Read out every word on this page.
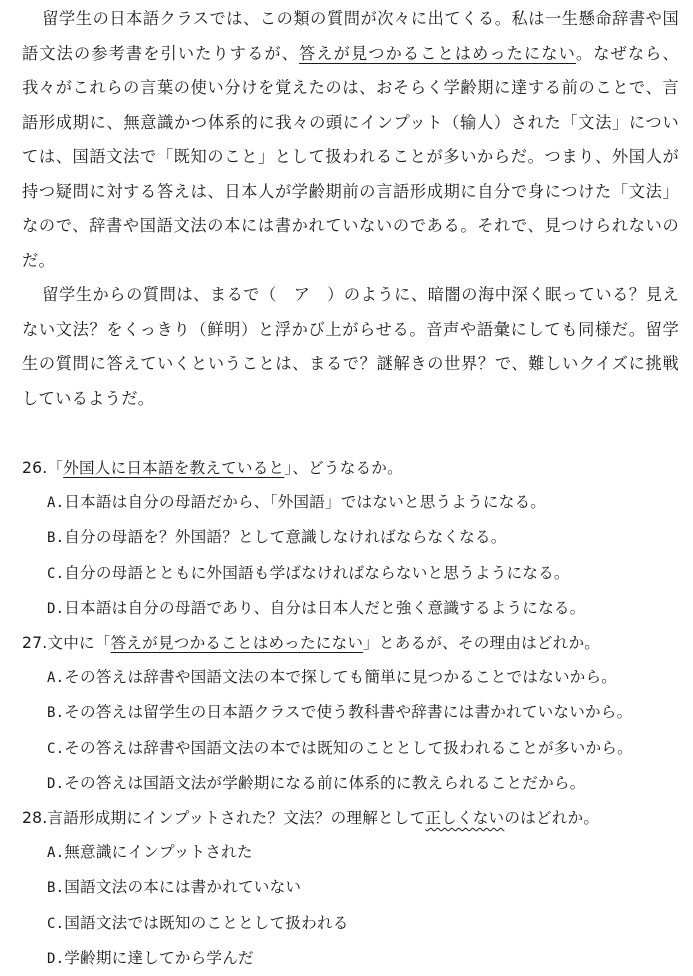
留学生の日本語クラスでは、この類の質問が次々に出てくる。私は一生懸命辞書や国語文法の参考書を引いたりするが、答えが見つかることはめったにない。なぜなら、我々がこれらの言葉の使い分けを覚えたのは、おそらく学齢期に達する前のことで、言語形成期に、無意識かつ体系的に我々の頭にインプット（输人）された「文法」については、国語文法で「既知のこと」として扱われることが多いからだ。つまり、外国人が持つ疑問に対する答えは、日本人が学齢期前の言語形成期に自分で身につけた「文法」なので、辞書や国語文法の本には書かれていないのである。それで、見つけられないのだ。

留学生からの質問は、まるで（　ア　）のように、暗闇の海中深く眠っている？見えない文法？をくっきり（鲜明）と浮かび上がらせる。音声や語彙にしても同様だ。留学生の質問に答えていくということは、まるで？謎解きの世界？で、難しいクイズに挑戦しているようだ。

26.「外国人に日本語を教えていると」、どうなるか。

A.日本語は自分の母語だから、「外国語」ではないと思うようになる。

B.自分の母語を？外国語？として意識しなければならなくなる。

C.自分の母語とともに外国語も学ばなければならないと思うようになる。

D.日本語は自分の母語であり、自分は日本人だと強く意識するようになる。

27.文中に「答えが見つかることはめったにない」とあるが、その理由はどれか。

A.その答えは辞書や国語文法の本で探しても簡単に見つかることではないから。

B.その答えは留学生の日本語クラスで使う教科書や辞書には書かれていないから。

C.その答えは辞書や国語文法の本では既知のこととして扱われることが多いから。

D.その答えは国語文法が学齢期になる前に体系的に教えられることだから。

28.言語形成期にインプットされた？文法？の理解として正しくないのはどれか。

A.無意識にインプットされた

B.国語文法の本には書かれていない

C.国語文法では既知のこととして扱われる

D.学齢期に達してから学んだ
